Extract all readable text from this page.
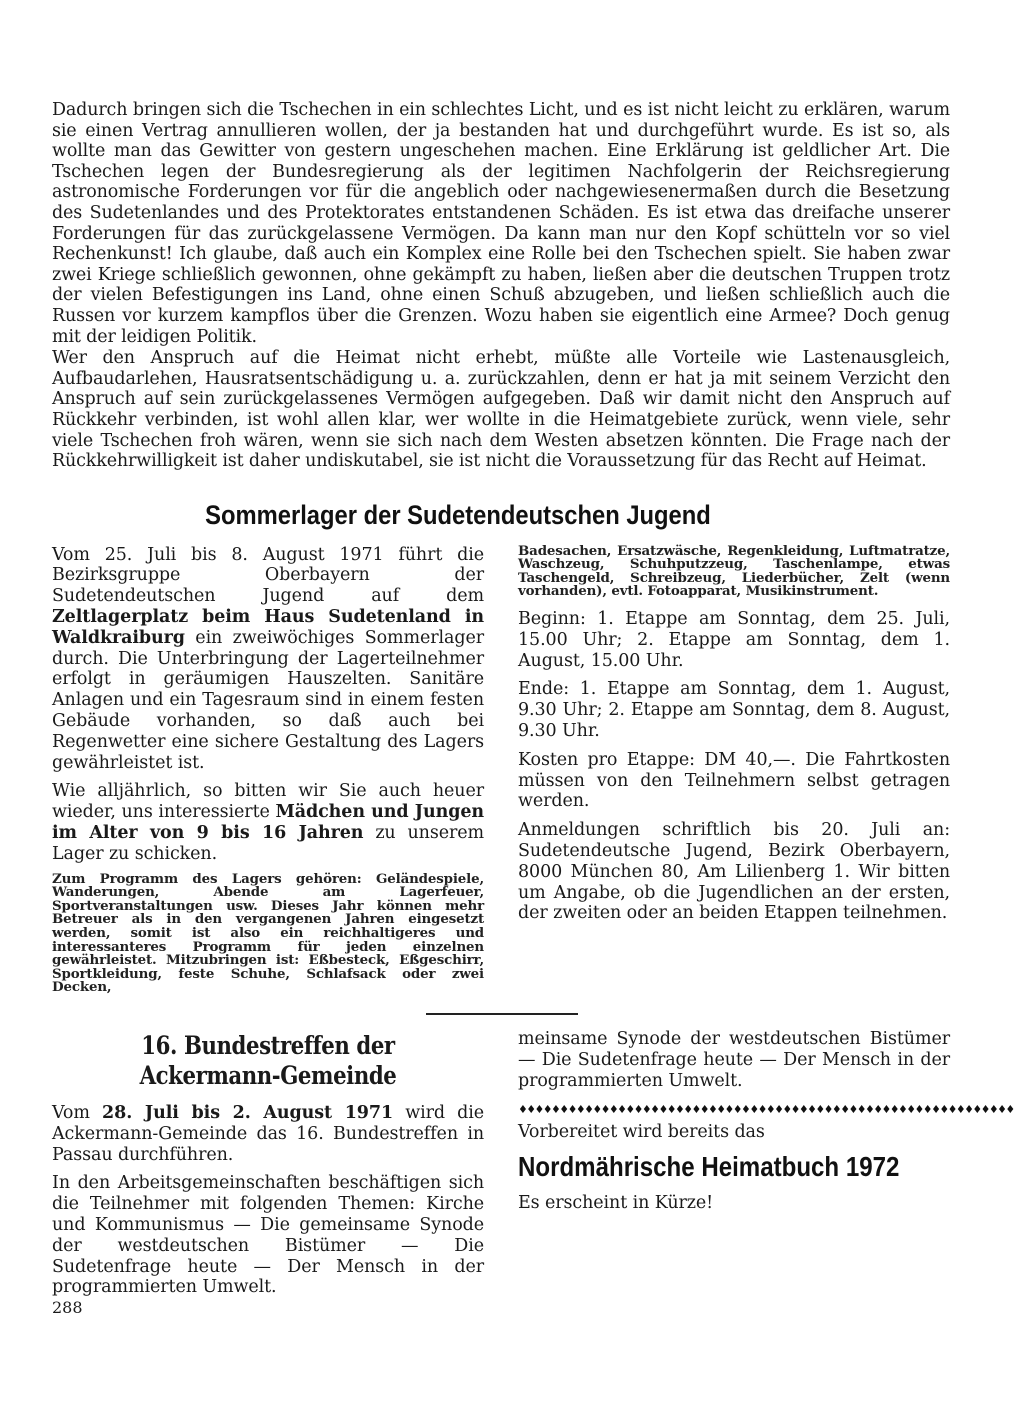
Dadurch bringen sich die Tschechen in ein schlechtes Licht, und es ist nicht leicht zu erklären, warum sie einen Vertrag annullieren wollen, der ja bestanden hat und durchgeführt wurde. Es ist so, als wollte man das Gewitter von gestern ungeschehen machen. Eine Erklärung ist geldlicher Art. Die Tschechen legen der Bundesregierung als der legitimen Nachfolgerin der Reichsregierung astronomische Forderungen vor für die angeblich oder nachgewiesenermaßen durch die Besetzung des Sudetenlandes und des Protektorates entstandenen Schäden. Es ist etwa das dreifache unserer Forderungen für das zurückgelassene Vermögen. Da kann man nur den Kopf schütteln vor so viel Rechenkunst! Ich glaube, daß auch ein Komplex eine Rolle bei den Tschechen spielt. Sie haben zwar zwei Kriege schließlich gewonnen, ohne gekämpft zu haben, ließen aber die deutschen Truppen trotz der vielen Befestigungen ins Land, ohne einen Schuß abzugeben, und ließen schließlich auch die Russen vor kurzem kampflos über die Grenzen. Wozu haben sie eigentlich eine Armee? Doch genug mit der leidigen Politik.

Wer den Anspruch auf die Heimat nicht erhebt, müßte alle Vorteile wie Lastenausgleich, Aufbaudarlehen, Hausratsentschädigung u. a. zurückzahlen, denn er hat ja mit seinem Verzicht den Anspruch auf sein zurückgelassenes Vermögen aufgegeben. Daß wir damit nicht den Anspruch auf Rückkehr verbinden, ist wohl allen klar, wer wollte in die Heimatgebiete zurück, wenn viele, sehr viele Tschechen froh wären, wenn sie sich nach dem Westen absetzen könnten. Die Frage nach der Rückkehrwilligkeit ist daher undiskutabel, sie ist nicht die Voraussetzung für das Recht auf Heimat.

Sommerlager der Sudetendeutschen Jugend

Vom 25. Juli bis 8. August 1971 führt die Bezirksgruppe Oberbayern der Sudetendeutschen Jugend auf dem Zeltlagerplatz beim Haus Sudetenland in Waldkraiburg ein zweiwöchiges Sommerlager durch. Die Unterbringung der Lagerteilnehmer erfolgt in geräumigen Hauszelten. Sanitäre Anlagen und ein Tagesraum sind in einem festen Gebäude vorhanden, so daß auch bei Regenwetter eine sichere Gestaltung des Lagers gewährleistet ist.

Wie alljährlich, so bitten wir Sie auch heuer wieder, uns interessierte Mädchen und Jungen im Alter von 9 bis 16 Jahren zu unserem Lager zu schicken.

Zum Programm des Lagers gehören: Geländespiele, Wanderungen, Abende am Lagerfeuer, Sportveranstaltungen usw. Dieses Jahr können mehr Betreuer als in den vergangenen Jahren eingesetzt werden, somit ist also ein reichhaltigeres und interessanteres Programm für jeden einzelnen gewährleistet. Mitzubringen ist: Eßbesteck, Eßgeschirr, Sportkleidung, feste Schuhe, Schlafsack oder zwei Decken,

Badesachen, Ersatzwäsche, Regenkleidung, Luftmatratze, Waschzeug, Schuhputzzeug, Taschenlampe, etwas Taschengeld, Schreibzeug, Liederbücher, Zelt (wenn vorhanden), evtl. Fotoapparat, Musikinstrument.

Beginn: 1. Etappe am Sonntag, dem 25. Juli, 15.00 Uhr; 2. Etappe am Sonntag, dem 1. August, 15.00 Uhr.

Ende: 1. Etappe am Sonntag, dem 1. August, 9.30 Uhr; 2. Etappe am Sonntag, dem 8. August, 9.30 Uhr.

Kosten pro Etappe: DM 40,—. Die Fahrtkosten müssen von den Teilnehmern selbst getragen werden.

Anmeldungen schriftlich bis 20. Juli an: Sudetendeutsche Jugend, Bezirk Oberbayern, 8000 München 80, Am Lilienberg 1. Wir bitten um Angabe, ob die Jugendlichen an der ersten, der zweiten oder an beiden Etappen teilnehmen.

16. Bundestreffen der
Ackermann-Gemeinde

Vom 28. Juli bis 2. August 1971 wird die Ackermann-Gemeinde das 16. Bundestreffen in Passau durchführen.

In den Arbeitsgemeinschaften beschäftigen sich die Teilnehmer mit folgenden Themen: Kirche und Kommunismus — Die gemeinsame Synode der westdeutschen Bistümer — Die Sudetenfrage heute — Der Mensch in der programmierten Umwelt.

meinsame Synode der westdeutschen Bistümer — Die Sudetenfrage heute — Der Mensch in der programmierten Umwelt.

♦♦♦♦♦♦♦♦♦♦♦♦♦♦♦♦♦♦♦♦♦♦♦♦♦♦♦♦♦♦♦♦♦♦♦♦♦♦♦♦♦♦♦♦♦♦♦♦♦♦♦♦♦♦♦♦♦♦♦♦
Vorbereitet wird bereits das
Nordmährische Heimatbuch 1972
Es erscheint in Kürze!
288
